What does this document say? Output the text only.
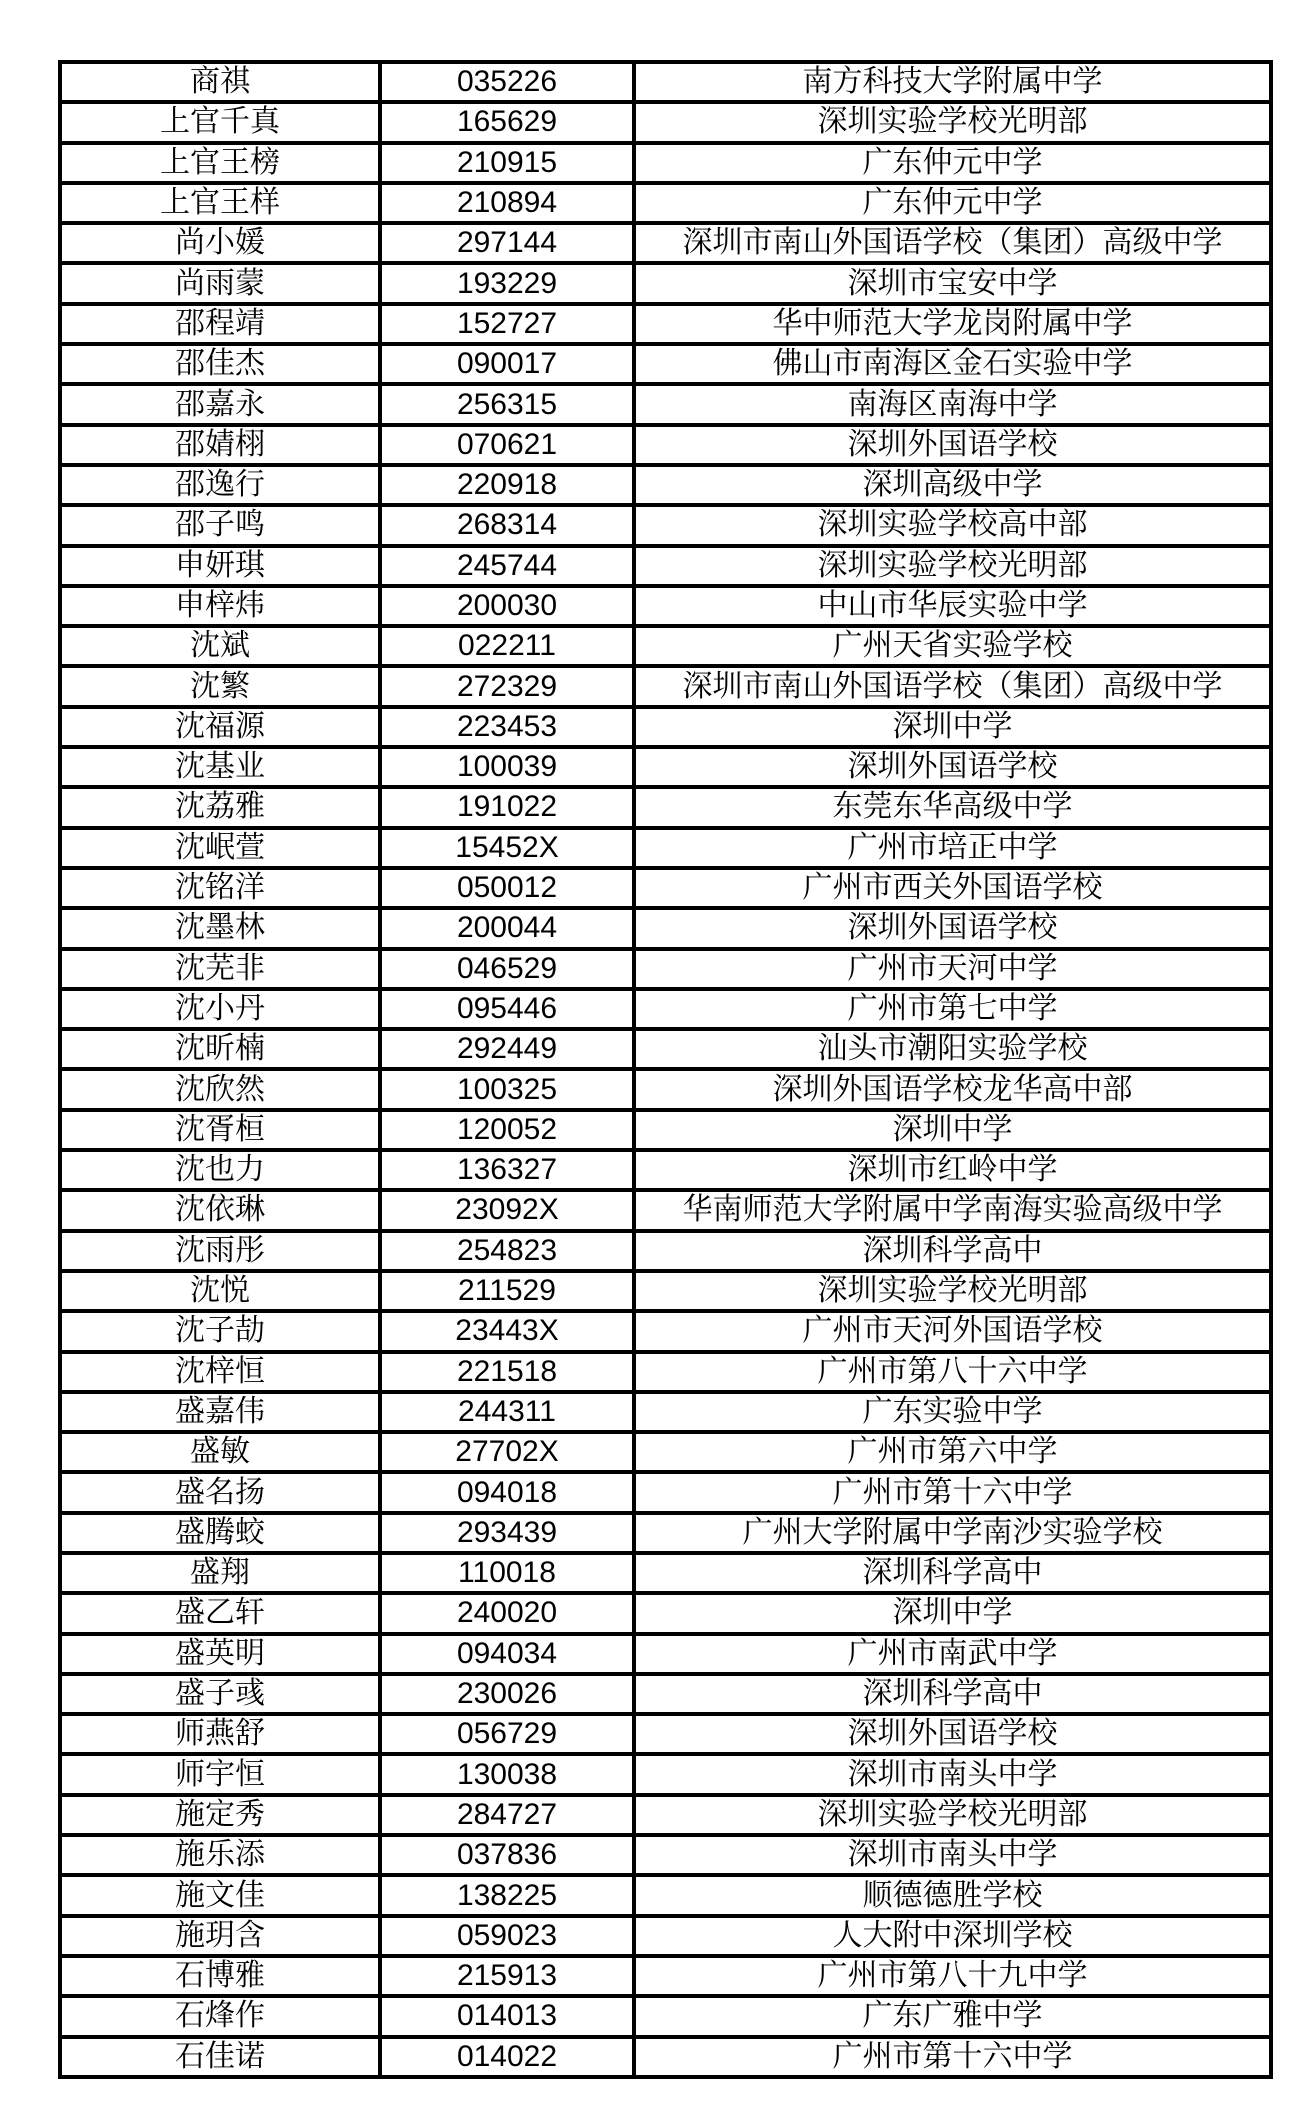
商祺	035226	南方科技大学附属中学
上官千真	165629	深圳实验学校光明部
上官王榜	210915	广东仲元中学
上官王样	210894	广东仲元中学
尚小媛	297144	深圳市南山外国语学校（集团）高级中学
尚雨蒙	193229	深圳市宝安中学
邵程靖	152727	华中师范大学龙岗附属中学
邵佳杰	090017	佛山市南海区金石实验中学
邵嘉永	256315	南海区南海中学
邵婧栩	070621	深圳外国语学校
邵逸行	220918	深圳高级中学
邵子鸣	268314	深圳实验学校高中部
申妍琪	245744	深圳实验学校光明部
申梓炜	200030	中山市华辰实验中学
沈斌	022211	广州天省实验学校
沈繁	272329	深圳市南山外国语学校（集团）高级中学
沈福源	223453	深圳中学
沈基业	100039	深圳外国语学校
沈荔雅	191022	东莞东华高级中学
沈岷萱	15452X	广州市培正中学
沈铭洋	050012	广州市西关外国语学校
沈墨林	200044	深圳外国语学校
沈芜非	046529	广州市天河中学
沈小丹	095446	广州市第七中学
沈昕楠	292449	汕头市潮阳实验学校
沈欣然	100325	深圳外国语学校龙华高中部
沈胥桓	120052	深圳中学
沈也力	136327	深圳市红岭中学
沈依琳	23092X	华南师范大学附属中学南海实验高级中学
沈雨彤	254823	深圳科学高中
沈悦	211529	深圳实验学校光明部
沈子劼	23443X	广州市天河外国语学校
沈梓恒	221518	广州市第八十六中学
盛嘉伟	244311	广东实验中学
盛敏	27702X	广州市第六中学
盛名扬	094018	广州市第十六中学
盛腾蛟	293439	广州大学附属中学南沙实验学校
盛翔	110018	深圳科学高中
盛乙轩	240020	深圳中学
盛英明	094034	广州市南武中学
盛子彧	230026	深圳科学高中
师燕舒	056729	深圳外国语学校
师宇恒	130038	深圳市南头中学
施定秀	284727	深圳实验学校光明部
施乐添	037836	深圳市南头中学
施文佳	138225	顺德德胜学校
施玥含	059023	人大附中深圳学校
石博雅	215913	广州市第八十九中学
石烽作	014013	广东广雅中学
石佳诺	014022	广州市第十六中学
